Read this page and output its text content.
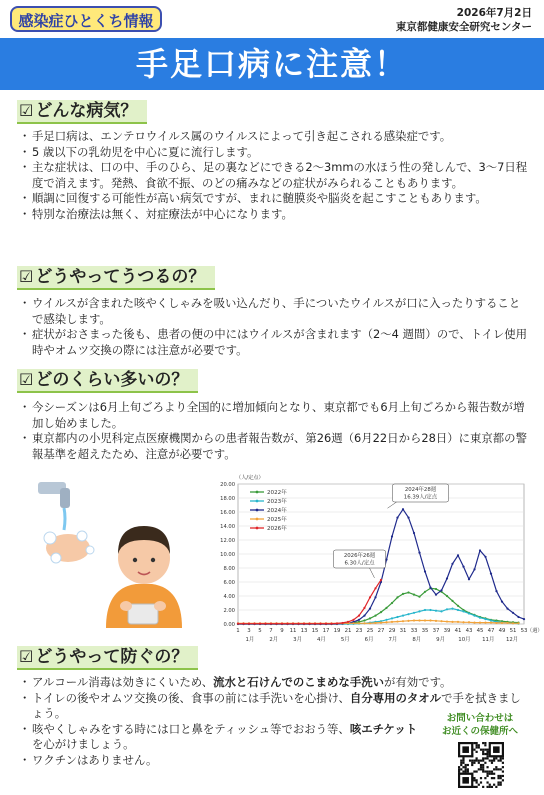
感染症ひとくち情報	2026年7月2日
東京都健康安全研究センター
手足口病に注意！
☑ どんな病気？
・ 手足口病は、エンテロウイルス属のウイルスによって引き起こされる感染症です。
・ 5 歳以下の乳幼児を中心に夏に流行します。
・ 主な症状は、口の中、手のひら、足の裏などにできる2～3mmの水ほう性の発しんで、3～7日程度で消えます。発熱、食欲不振、のどの痛みなどの症状がみられることもあります。
・ 順調に回復する可能性が高い病気ですが、まれに髄膜炎や脳炎を起こすこともあります。
・ 特別な治療法は無く、対症療法が中心になります。
☑ どうやってうつるの？
・ ウイルスが含まれた咳やくしゃみを吸い込んだり、手についたウイルスが口に入ったりすることで感染します。
・ 症状がおさまった後も、患者の便の中にはウイルスが含まれます（2～4 週間）ので、トイレ使用時やオムツ交換の際には注意が必要です。
☑ どのくらい多いの？
・ 今シーズンは6月上旬ごろより全国的に増加傾向となり、東京都でも6月上旬ごろから報告数が増加し始めました。
・ 東京都内の小児科定点医療機関からの患者報告数が、第26週（6月22日から28日）に東京都の警報基準を超えたため、注意が必要です。
0.00
2.00
4.00
6.00
8.00
10.00
12.00
14.00
16.00
18.00
20.00
（人/定点）
1 3 5 7 9 11 13 15 17 19 21 23 25 27 29 31 33 35 37 39 41 43 45 47 49 51 53 （週）
1月	2月	3月	4月	5月	6月	7月	8月	9月 10月 11月 12月
2022年
2023年
2024年
2025年
2026年
2024年28週
16.39人/定点
2026年26週
6.30人/定点
☑ どうやって防ぐの？
・ アルコール消毒は効きにくいため、流水と石けんでのこまめな手洗いが有効です。
・ トイレの後やオムツ交換の後、食事の前には手洗いを心掛け、自分専用のタオルで手を拭きましょう。
・ 咳やくしゃみをする時には口と鼻をティッシュ等でおおう等、咳エチケットを心がけましょう。
・ ワクチンはありません。
お問い合わせは
お近くの保健所へ
